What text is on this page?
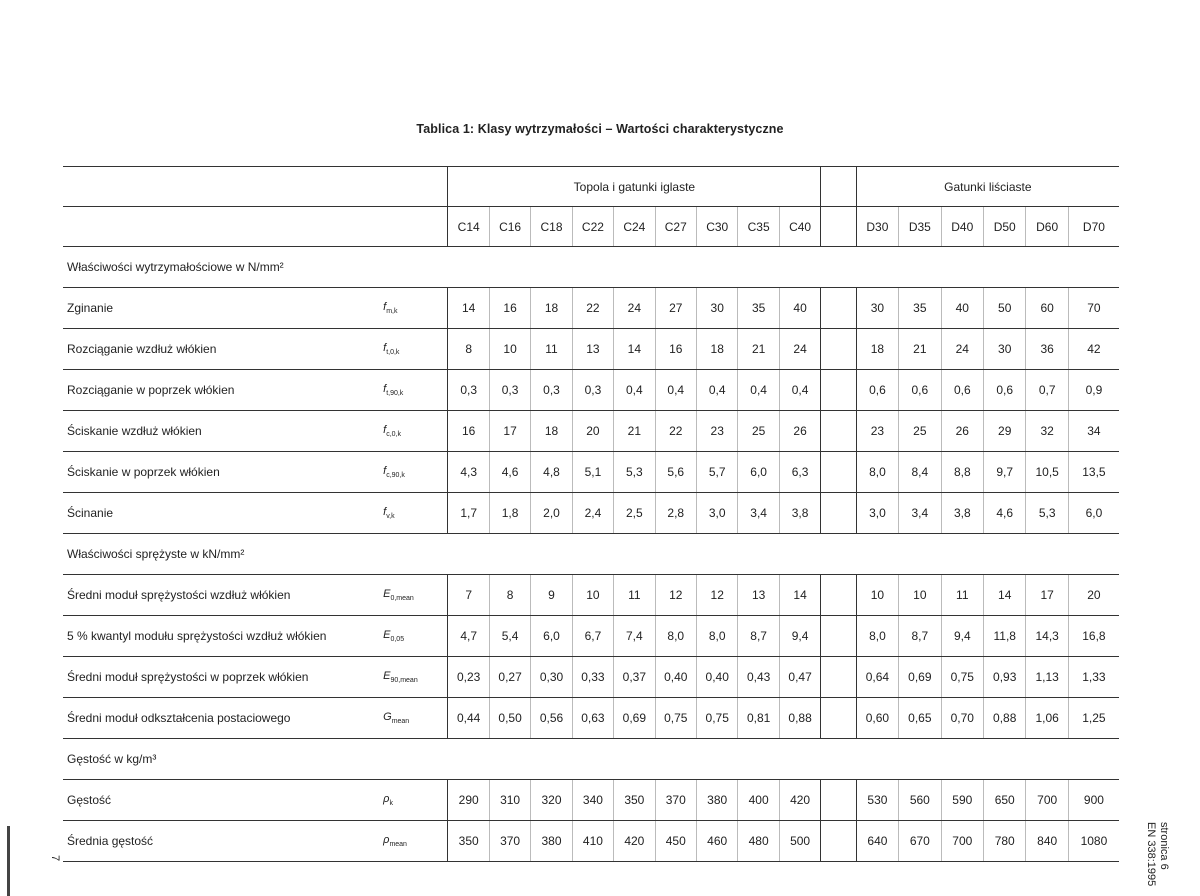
Tablica 1: Klasy wytrzymałości – Wartości charakterystyczne
		Topola i gatunki iglaste										Gatunki liściaste					
		C14	C16	C18	C22	C24	C27	C30	C35	C40		D30	D35	D40	D50	D60	D70
Właściwości wytrzymałościowe w N/mm²																	
Zginanie	$f_{m,k}$	14	16	18	22	24	27	30	35	40		30	35	40	50	60	70
Rozciąganie wzdłuż włókien	$f_{t,0,k}$	8	10	11	13	14	16	18	21	24		18	21	24	30	36	42
Rozciąganie w poprzek włókien	$f_{t,90,k}$	0,3	0,3	0,3	0,3	0,4	0,4	0,4	0,4	0,4		0,6	0,6	0,6	0,6	0,7	0,9
Ściskanie wzdłuż włókien	$f_{c,0,k}$	16	17	18	20	21	22	23	25	26		23	25	26	29	32	34
Ściskanie w poprzek włókien	$f_{c,90,k}$	4,3	4,6	4,8	5,1	5,3	5,6	5,7	6,0	6,3		8,0	8,4	8,8	9,7	10,5	13,5
Ścinanie	$f_{v,k}$	1,7	1,8	2,0	2,4	2,5	2,8	3,0	3,4	3,8		3,0	3,4	3,8	4,6	5,3	6,0
Właściwości sprężyste w kN/mm²																	
Średni moduł sprężystości wzdłuż włókien	$E_{0,mean}$	7	8	9	10	11	12	12	13	14		10	10	11	14	17	20
5 % kwantyl modułu sprężystości wzdłuż włókien	$E_{0,05}$	4,7	5,4	6,0	6,7	7,4	8,0	8,0	8,7	9,4		8,0	8,7	9,4	11,8	14,3	16,8
Średni moduł sprężystości w poprzek włókien	$E_{90,mean}$	0,23	0,27	0,30	0,33	0,37	0,40	0,40	0,43	0,47		0,64	0,69	0,75	0,93	1,13	1,33
Średni moduł odkształcenia postaciowego	$G_{mean}$	0,44	0,50	0,56	0,63	0,69	0,75	0,75	0,81	0,88		0,60	0,65	0,70	0,88	1,06	1,25
Gęstość w kg/m³																	
Gęstość	$\rho_k$	290	310	320	340	350	370	380	400	420		530	560	590	650	700	900
Średnia gęstość	$\rho_{mean}$	350	370	380	410	420	450	460	480	500		640	670	700	780	840	1080	stronica 6
EN 338:1995
7
